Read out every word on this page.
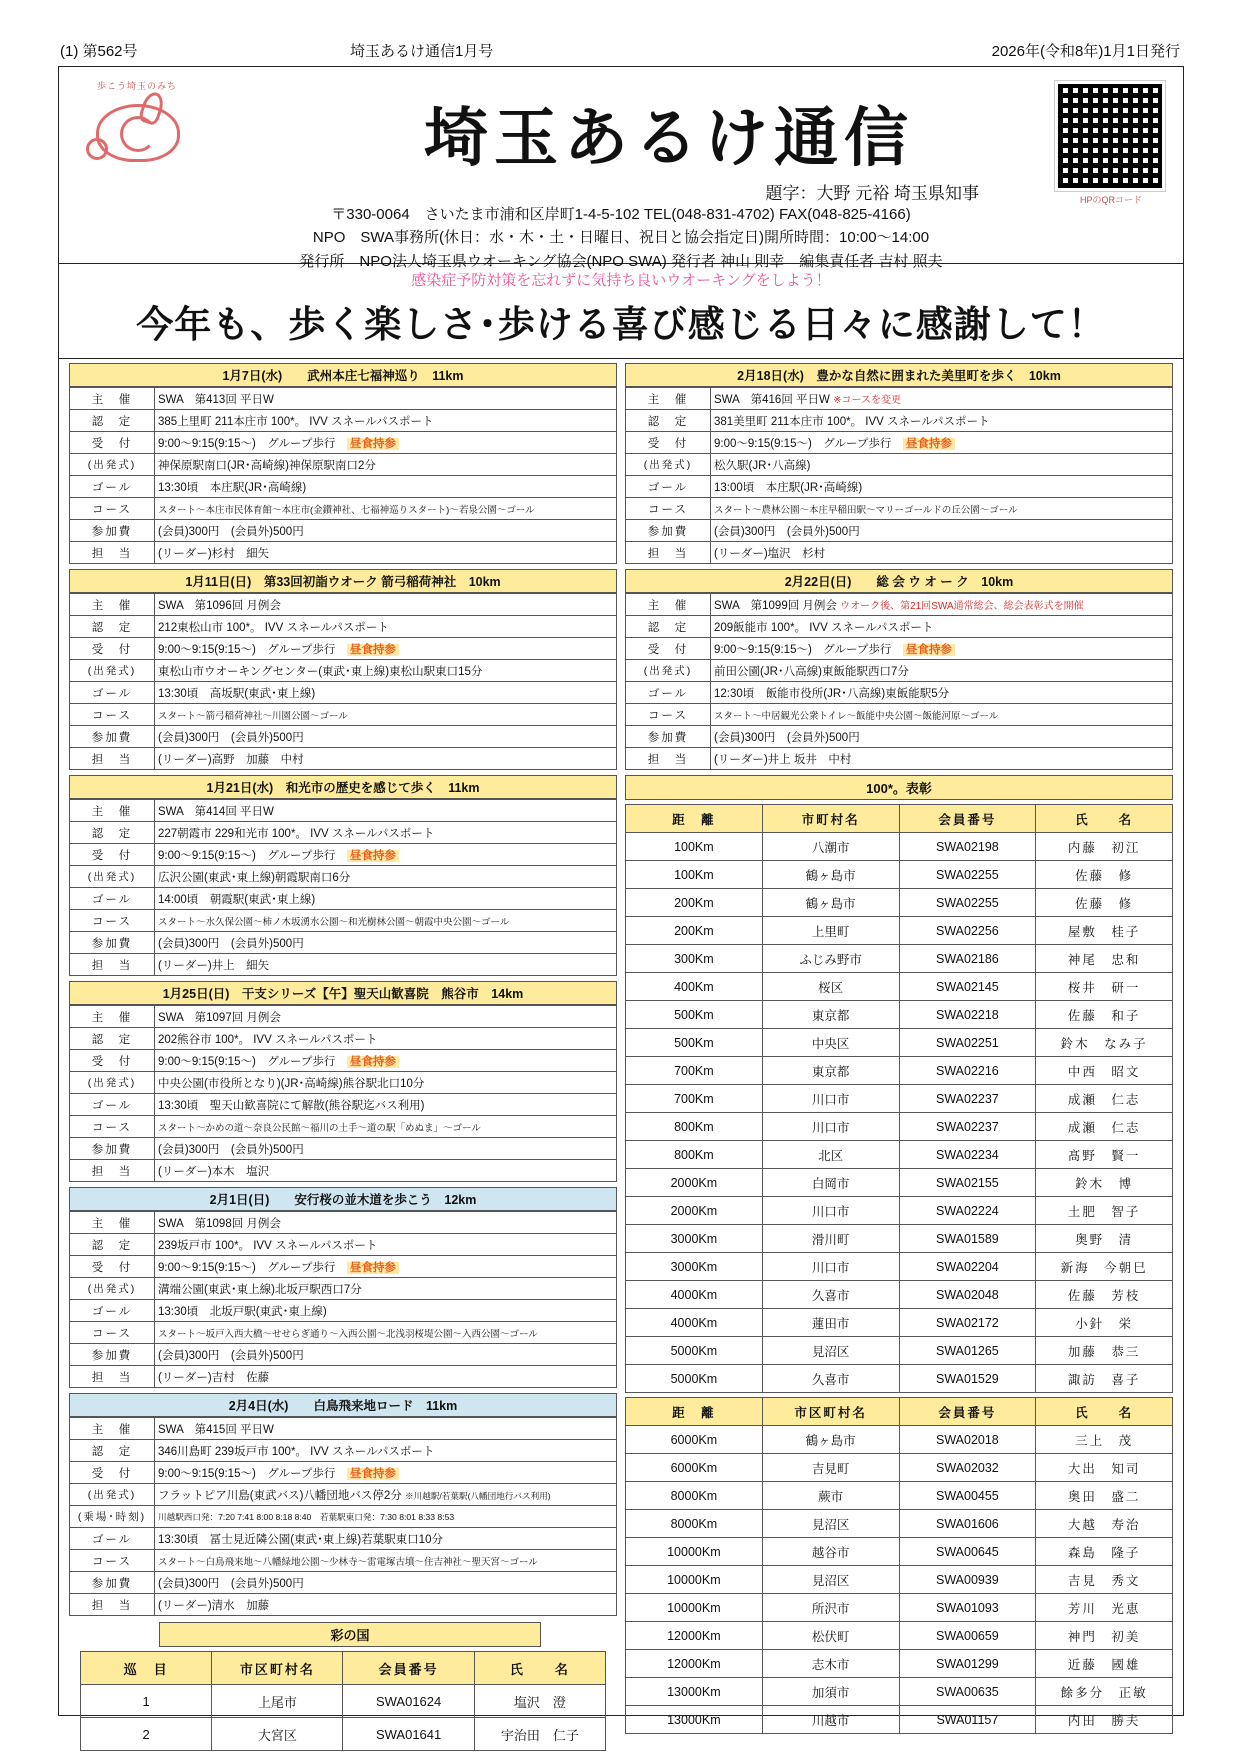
(1) 第562号	埼玉あるけ通信1月号	2026年(令和8年)1月1日発行
歩こう埼玉のみち
埼玉あるけ通信
題字：大野 元裕 埼玉県知事	HPのQRコード
〒330-0064　さいたま市浦和区岸町1-4-5-102 TEL(048-831-4702) FAX(048-825-4166)
NPO　SWA事務所(休日：水・木・土・日曜日、祝日と協会指定日)開所時間：10:00～14:00
発行所　NPO法人埼玉県ウオーキング協会(NPO SWA) 発行者 神山 則幸　編集責任者 吉村 照夫
感染症予防対策を忘れずに気持ち良いウオーキングをしよう！
今年も、歩く楽しさ･歩ける喜び感じる日々に感謝して！
1月7日(水)　　武州本庄七福神巡り　11km
主　催	SWA　第413回 平日W
認　定	385上里町 211本庄市 100*。 IVV スネールパスポート
受　付	9:00～9:15(9:15～)　グループ歩行　昼食持参
(出発式)	神保原駅南口(JR･高崎線)神保原駅南口2分
ゴール	13:30頃　本庄駅(JR･高崎線)
コース	スタート～本庄市民体育館～本庄市(金鑚神社、七福神巡りスタート)～若泉公園～ゴール
参加費	(会員)300円　(会員外)500円
担　当	(リーダー)杉村　細矢
1月11日(日)　第33回初詣ウオーク 箭弓稲荷神社　10km
主　催	SWA　第1096回 月例会
認　定	212東松山市 100*。 IVV スネールパスポート
受　付	9:00～9:15(9:15～)　グループ歩行　昼食持参
(出発式)	東松山市ウオーキングセンター(東武･東上線)東松山駅東口15分
ゴール	13:30頃　高坂駅(東武･東上線)
コース	スタート～箭弓稲荷神社～川園公園～ゴール
参加費	(会員)300円　(会員外)500円
担　当	(リーダー)高野　加藤　中村
1月21日(水)　和光市の歴史を感じて歩く　11km
主　催	SWA　第414回 平日W
認　定	227朝霞市 229和光市 100*。 IVV スネールパスポート
受　付	9:00～9:15(9:15～)　グループ歩行　昼食持参
(出発式)	広沢公園(東武･東上線)朝霞駅南口6分
ゴール	14:00頃　朝霞駅(東武･東上線)
コース	スタート～水久保公園～柿ノ木坂湧水公園～和光樹林公園～朝霞中央公園～ゴール
参加費	(会員)300円　(会員外)500円
担　当	(リーダー)井上　細矢
1月25日(日)　干支シリーズ【午】聖天山歓喜院　熊谷市　14km
主　催	SWA　第1097回 月例会
認　定	202熊谷市 100*。 IVV スネールパスポート
受　付	9:00～9:15(9:15～)　グループ歩行　昼食持参
(出発式)	中央公園(市役所となり)(JR･高崎線)熊谷駅北口10分
ゴール	13:30頃　聖天山歓喜院にて解散(熊谷駅迄バス利用)
コース	スタート～かめの道～奈良公民館～福川の土手～道の駅「めぬま」～ゴール
参加費	(会員)300円　(会員外)500円
担　当	(リーダー)本木　塩沢
2月1日(日)　　安行桜の並木道を歩こう　12km
主　催	SWA　第1098回 月例会
認　定	239坂戸市 100*。 IVV スネールパスポート
受　付	9:00～9:15(9:15～)　グループ歩行　昼食持参
(出発式)	溝端公園(東武･東上線)北坂戸駅西口7分
ゴール	13:30頃　北坂戸駅(東武･東上線)
コース	スタート～坂戸入西大橋～せせらぎ通り～入西公園～北浅羽桜堤公園～入西公園～ゴール
参加費	(会員)300円　(会員外)500円
担　当	(リーダー)吉村　佐藤
2月4日(水)　　白鳥飛来地ロード　11km
主　催	SWA　第415回 平日W
認　定	346川島町 239坂戸市 100*。 IVV スネールパスポート
受　付	9:00～9:15(9:15～)　グループ歩行　昼食持参
(出発式)	フラットピア川島(東武バス)八幡団地バス停2分 ※川越駅/若葉駅(八幡団地行バス利用)
(乗場･時刻)	川越駅西口発：7:20 7:41 8:00 8:18 8:40　若葉駅東口発：7:30 8:01 8:33 8:53
ゴール	13:30頃　冨士見近隣公園(東武･東上線)若葉駅東口10分
コース	スタート～白鳥飛来地～八幡緑地公園～少林寺～雷電塚古墳～住吉神社～聖天宮～ゴール
参加費	(会員)300円　(会員外)500円
担　当	(リーダー)清水　加藤
彩の国
巡　目	市区町村名	会員番号	氏　　名
1	上尾市	SWA01624	塩沢　澄
2	大宮区	SWA01641	宇治田　仁子
2月18日(水)　豊かな自然に囲まれた美里町を歩く　10km
主　催	SWA　第416回 平日W ※コースを変更
認　定	381美里町 211本庄市 100*。 IVV スネールパスポート
受　付	9:00～9:15(9:15～)　グループ歩行　昼食持参
(出発式)	松久駅(JR･八高線)
ゴール	13:00頃　本庄駅(JR･高崎線)
コース	スタート～農林公園～本庄早稲田駅～マリーゴールドの丘公園～ゴール
参加費	(会員)300円　(会員外)500円
担　当	(リーダー)塩沢　杉村
2月22日(日)　　総 会 ウ オ ー ク　10km
主　催	SWA　第1099回 月例会 ウオーク後、第21回SWA通常総会、総会表彰式を開催
認　定	209飯能市 100*。 IVV スネールパスポート
受　付	9:00～9:15(9:15～)　グループ歩行　昼食持参
(出発式)	前田公園(JR･八高線)東飯能駅西口7分
ゴール	12:30頃　飯能市役所(JR･八高線)東飯能駅5分
コース	スタート～中居観光公衆トイレ～飯能中央公園～飯能河原～ゴール
参加費	(会員)300円　(会員外)500円
担　当	(リーダー)井上 坂井　中村
100*。表彰
距　離	市町村名	会員番号	氏　　名
100Km	八潮市	SWA02198	内藤　初江
100Km	鶴ヶ島市	SWA02255	佐藤　修
200Km	鶴ヶ島市	SWA02255	佐藤　修
200Km	上里町	SWA02256	屋敷　桂子
300Km	ふじみ野市	SWA02186	神尾　忠和
400Km	桜区	SWA02145	桜井　研一
500Km	東京都	SWA02218	佐藤　和子
500Km	中央区	SWA02251	鈴木　なみ子
700Km	東京都	SWA02216	中西　昭文
700Km	川口市	SWA02237	成瀬　仁志
800Km	川口市	SWA02237	成瀬　仁志
800Km	北区	SWA02234	髙野　賢一
2000Km	白岡市	SWA02155	鈴木　博
2000Km	川口市	SWA02224	土肥　智子
3000Km	滑川町	SWA01589	奥野　清
3000Km	川口市	SWA02204	新海　今朝巳
4000Km	久喜市	SWA02048	佐藤　芳枝
4000Km	蓮田市	SWA02172	小針　栄
5000Km	見沼区	SWA01265	加藤　恭三
5000Km	久喜市	SWA01529	諏訪　喜子
距　離	市区町村名	会員番号	氏　　名
6000Km	鶴ヶ島市	SWA02018	三上　茂
6000Km	吉見町	SWA02032	大出　知司
8000Km	蕨市	SWA00455	奥田　盛二
8000Km	見沼区	SWA01606	大越　寿治
10000Km	越谷市	SWA00645	森島　隆子
10000Km	見沼区	SWA00939	吉見　秀文
10000Km	所沢市	SWA01093	芳川　光恵
12000Km	松伏町	SWA00659	神門　初美
12000Km	志木市	SWA01299	近藤　國雄
13000Km	加須市	SWA00635	餘多分　正敏
13000Km	川越市	SWA01157	内田　勝夫
